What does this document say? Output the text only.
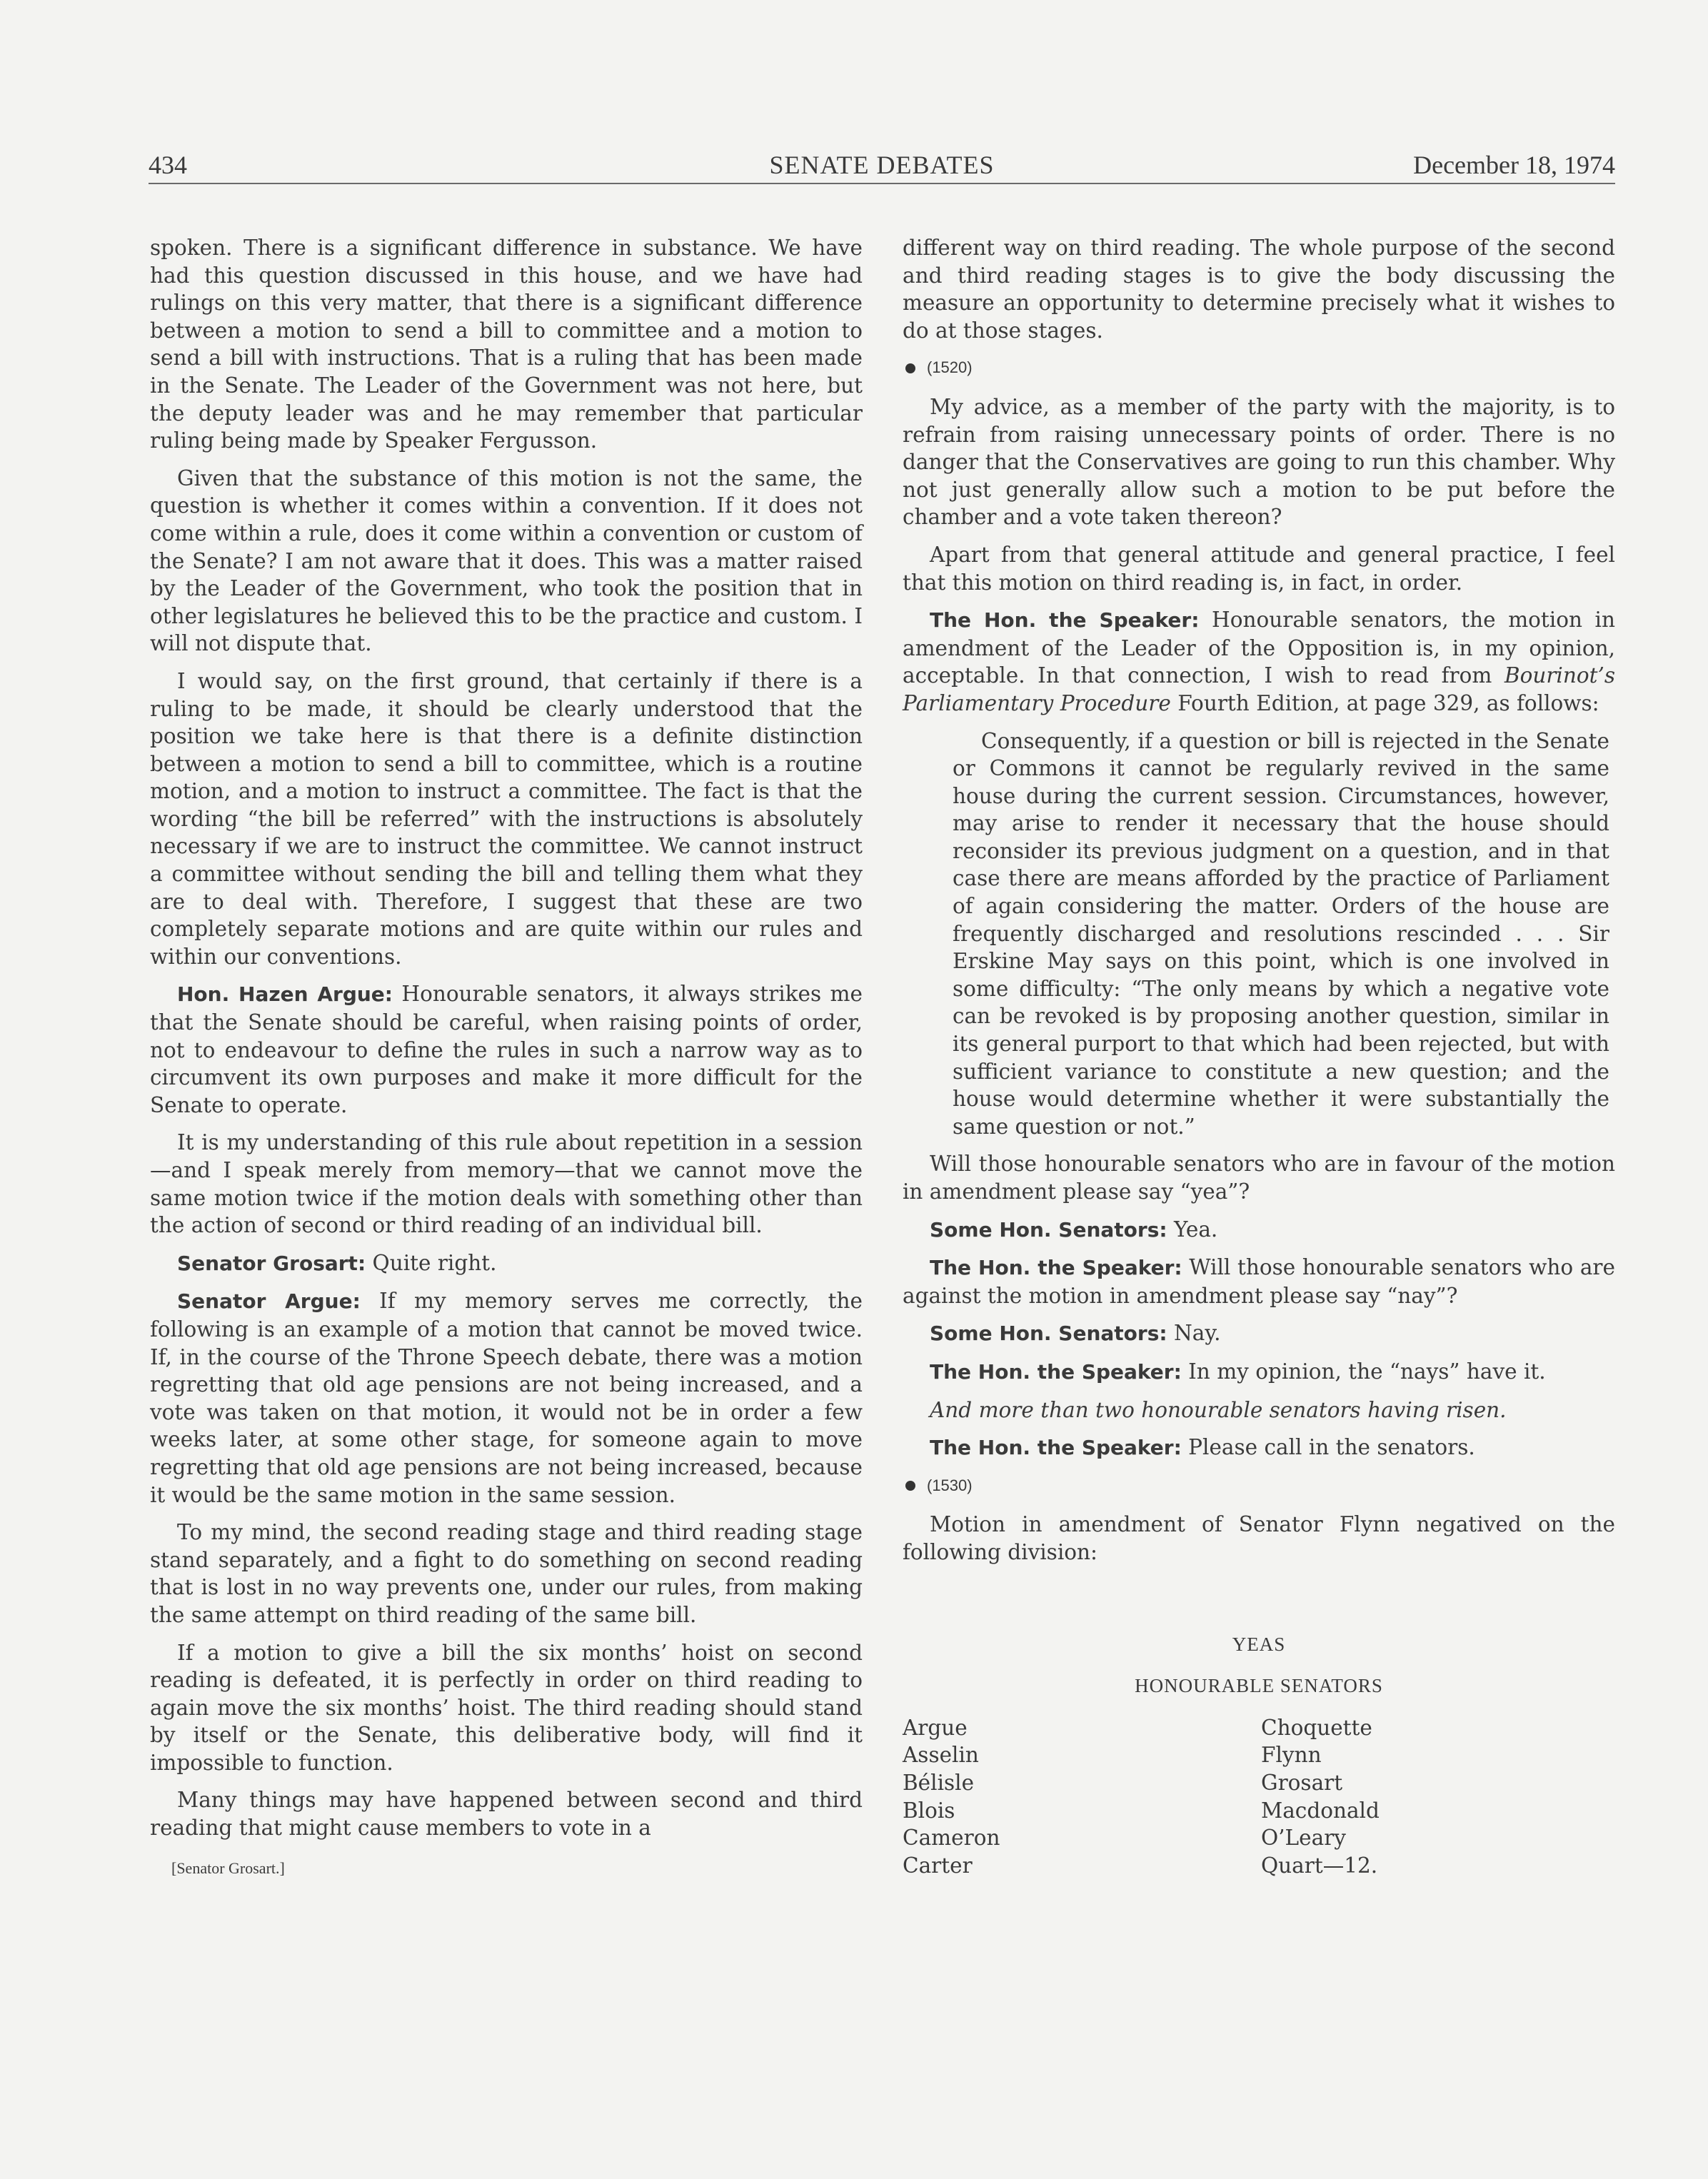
434	SENATE DEBATES	December 18, 1974

spoken. There is a significant difference in substance. We have had this question discussed in this house, and we have had rulings on this very matter, that there is a significant difference between a motion to send a bill to committee and a motion to send a bill with instructions. That is a ruling that has been made in the Senate. The Leader of the Government was not here, but the deputy leader was and he may remember that particular ruling being made by Speaker Fergusson.

Given that the substance of this motion is not the same, the question is whether it comes within a convention. If it does not come within a rule, does it come within a convention or custom of the Senate? I am not aware that it does. This was a matter raised by the Leader of the Government, who took the position that in other legislatures he believed this to be the practice and custom. I will not dispute that.

I would say, on the first ground, that certainly if there is a ruling to be made, it should be clearly understood that the position we take here is that there is a definite distinction between a motion to send a bill to committee, which is a routine motion, and a motion to instruct a committee. The fact is that the wording “the bill be referred” with the instructions is absolutely necessary if we are to instruct the committee. We cannot instruct a committee without sending the bill and telling them what they are to deal with. Therefore, I suggest that these are two completely separate motions and are quite within our rules and within our conventions.

Hon. Hazen Argue: Honourable senators, it always strikes me that the Senate should be careful, when raising points of order, not to endeavour to define the rules in such a narrow way as to circumvent its own purposes and make it more difficult for the Senate to operate.

It is my understanding of this rule about repetition in a session—and I speak merely from memory—that we cannot move the same motion twice if the motion deals with something other than the action of second or third reading of an individual bill.

Senator Grosart: Quite right.

Senator Argue: If my memory serves me correctly, the following is an example of a motion that cannot be moved twice. If, in the course of the Throne Speech debate, there was a motion regretting that old age pensions are not being increased, and a vote was taken on that motion, it would not be in order a few weeks later, at some other stage, for someone again to move regretting that old age pensions are not being increased, because it would be the same motion in the same session.

To my mind, the second reading stage and third reading stage stand separately, and a fight to do something on second reading that is lost in no way prevents one, under our rules, from making the same attempt on third reading of the same bill.

If a motion to give a bill the six months’ hoist on second reading is defeated, it is perfectly in order on third reading to again move the six months’ hoist. The third reading should stand by itself or the Senate, this deliberative body, will find it impossible to function.

Many things may have happened between second and third reading that might cause members to vote in a

[Senator Grosart.]

different way on third reading. The whole purpose of the second and third reading stages is to give the body discussing the measure an opportunity to determine precisely what it wishes to do at those stages.

(1520)

My advice, as a member of the party with the majority, is to refrain from raising unnecessary points of order. There is no danger that the Conservatives are going to run this chamber. Why not just generally allow such a motion to be put before the chamber and a vote taken thereon?

Apart from that general attitude and general practice, I feel that this motion on third reading is, in fact, in order.

The Hon. the Speaker: Honourable senators, the motion in amendment of the Leader of the Opposition is, in my opinion, acceptable. In that connection, I wish to read from Bourinot’s Parliamentary Procedure Fourth Edition, at page 329, as follows:

Consequently, if a question or bill is rejected in the Senate or Commons it cannot be regularly revived in the same house during the current session. Circumstances, however, may arise to render it necessary that the house should reconsider its previous judgment on a question, and in that case there are means afforded by the practice of Parliament of again considering the matter. Orders of the house are frequently discharged and resolutions rescinded . . . Sir Erskine May says on this point, which is one involved in some difficulty: “The only means by which a negative vote can be revoked is by proposing another question, similar in its general purport to that which had been rejected, but with sufficient variance to constitute a new question; and the house would determine whether it were substantially the same question or not.”

Will those honourable senators who are in favour of the motion in amendment please say “yea”?

Some Hon. Senators: Yea.

The Hon. the Speaker: Will those honourable senators who are against the motion in amendment please say “nay”?

Some Hon. Senators: Nay.

The Hon. the Speaker: In my opinion, the “nays” have it.

And more than two honourable senators having risen.

The Hon. the Speaker: Please call in the senators.

(1530)

Motion in amendment of Senator Flynn negatived on the following division:

YEAS
HONOURABLE SENATORS
Argue
Asselin
Bélisle
Blois
Cameron
Carter
Choquette
Flynn
Grosart
Macdonald
O’Leary
Quart—12.
